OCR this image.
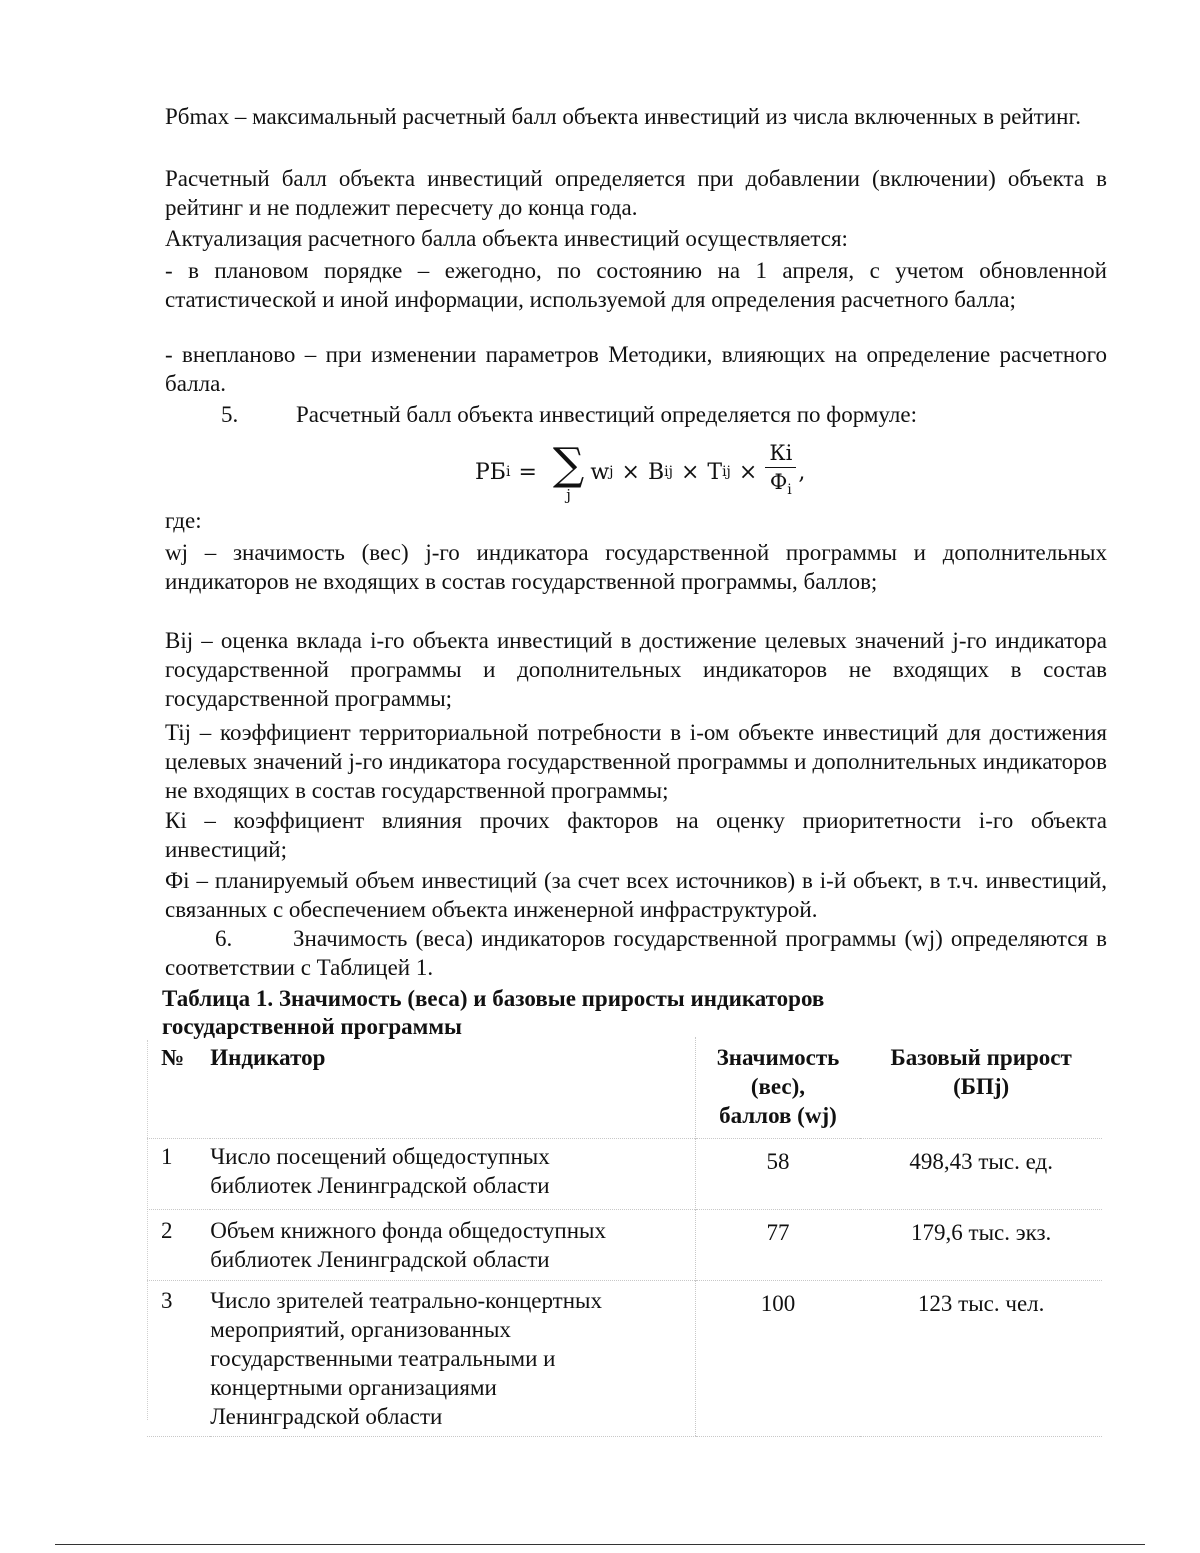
Рбmax – максимальный расчетный балл объекта инвестиций из числа включенных в рейтинг.

Расчетный балл объекта инвестиций определяется при добавлении (включении) объекта в рейтинг и не подлежит пересчету до конца года.

Актуализация расчетного балла объекта инвестиций осуществляется:

- в плановом порядке – ежегодно, по состоянию на 1 апреля, с учетом обновленной статистической и иной информации, используемой для определения расчетного балла;

- внепланово – при изменении параметров Методики, влияющих на определение расчетного балла.

5.	Расчетный балл объекта инвестиций определяется по формуле:

РБ i = ∑
j
w j × B ij × T ij × $\frac{Кi}{Ф_i}$ ,

где:

wj – значимость (вес) j-го индикатора государственной программы и дополнительных индикаторов не входящих в состав государственной программы, баллов;

Bij – оценка вклада i-го объекта инвестиций в достижение целевых значений j-го индикатора государственной программы и дополнительных индикаторов не входящих в состав государственной программы;

Tij – коэффициент территориальной потребности в i-ом объекте инвестиций для достижения целевых значений j-го индикатора государственной программы и дополнительных индикаторов не входящих в состав государственной программы;

Кi – коэффициент влияния прочих факторов на оценку приоритетности i-го объекта инвестиций;

Фi – планируемый объем инвестиций (за счет всех источников) в i-й объект, в т.ч. инвестиций, связанных с обеспечением объекта инженерной инфраструктурой.

6.	Значимость (веса) индикаторов государственной программы (wj) определяются в соответствии с Таблицей 1.

Таблица 1. Значимость (веса) и базовые приросты индикаторов
государственной программы

№	Индикатор	Значимость
(вес),
баллов (wj)	Базовый прирост
(БПj)
1	Число посещений общедоступных
библиотек Ленинградской области	58	498,43 тыс. ед.
2	Объем книжного фонда общедоступных
библиотек Ленинградской области	77	179,6 тыс. экз.
3	Число зрителей театрально-концертных
мероприятий, организованных
государственными театральными и
концертными организациями
Ленинградской области	100	123 тыс. чел.
